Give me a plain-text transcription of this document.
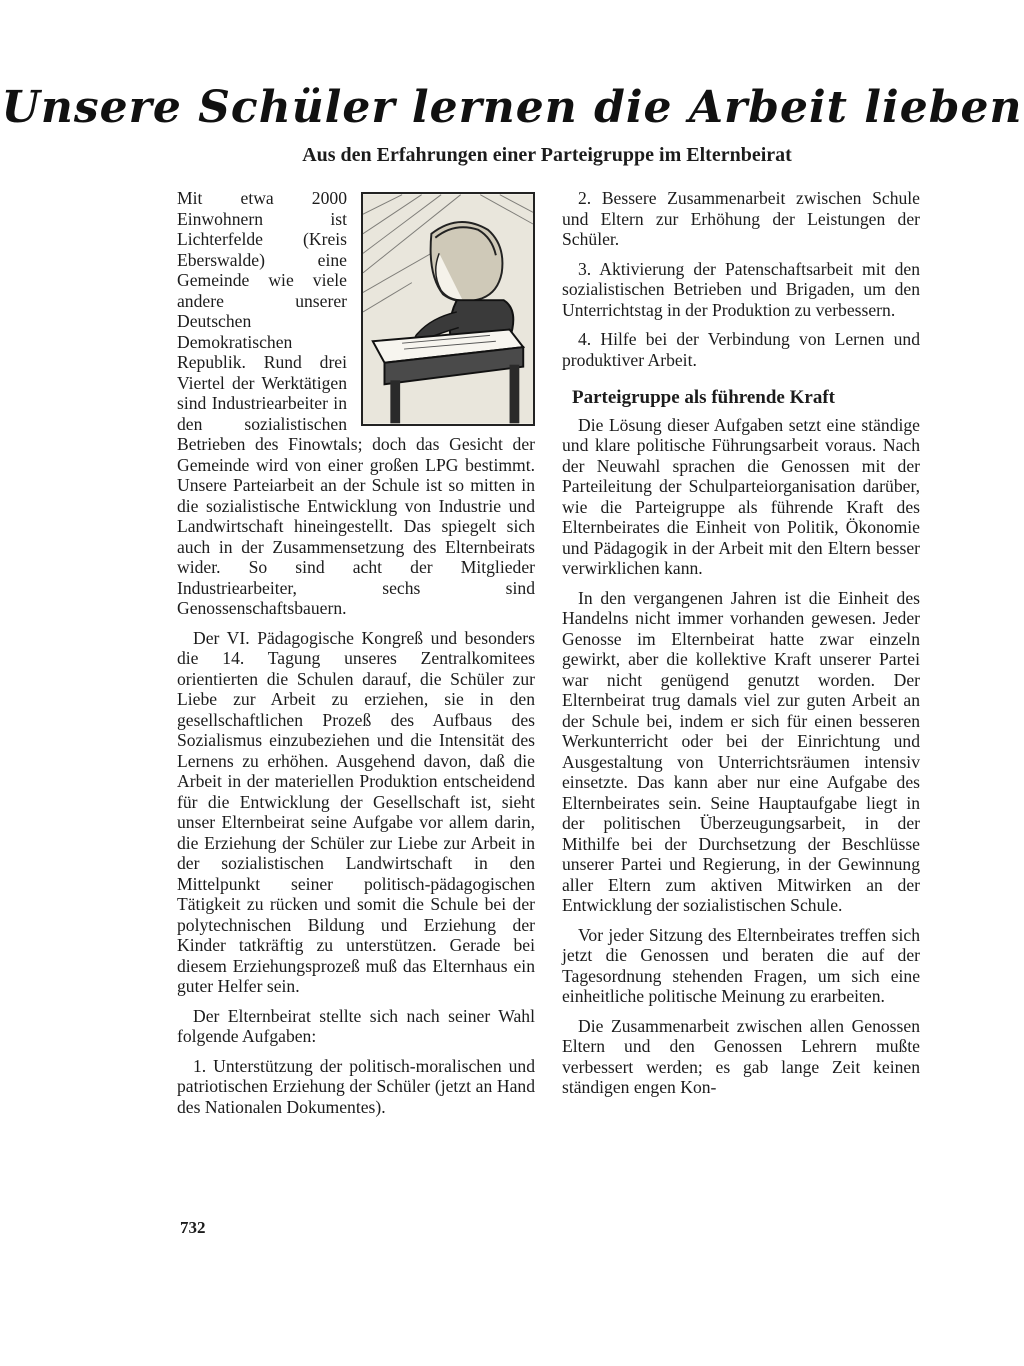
Unsere Schüler lernen die Arbeit lieben
Aus den Erfahrungen einer Parteigruppe im Elternbeirat

Mit etwa 2000 Einwohnern ist Lichterfelde (Kreis Eberswalde) eine Gemeinde wie viele andere unserer Deutschen Demokratischen Republik. Rund drei Viertel der Werktätigen sind Industriearbeiter in den sozialistischen Betrieben des Finowtals; doch das Gesicht der Gemeinde wird von einer großen LPG bestimmt. Unsere Parteiarbeit an der Schule ist so mitten in die sozialistische Entwicklung von Industrie und Landwirtschaft hineingestellt. Das spiegelt sich auch in der Zusammensetzung des Elternbeirats wider. So sind acht der Mitglieder Industriearbeiter, sechs sind Genossenschaftsbauern.

Der VI. Pädagogische Kongreß und besonders die 14. Tagung unseres Zentralkomitees orientierten die Schulen darauf, die Schüler zur Liebe zur Arbeit zu erziehen, sie in den gesellschaftlichen Prozeß des Aufbaus des Sozialismus einzubeziehen und die Intensität des Lernens zu erhöhen. Ausgehend davon, daß die Arbeit in der materiellen Produktion entscheidend für die Entwicklung der Gesellschaft ist, sieht unser Elternbeirat seine Aufgabe vor allem darin, die Erziehung der Schüler zur Liebe zur Arbeit in der sozialistischen Landwirtschaft in den Mittelpunkt seiner politisch-pädagogischen Tätigkeit zu rücken und somit die Schule bei der polytechnischen Bildung und Erziehung der Kinder tatkräftig zu unterstützen. Gerade bei diesem Erziehungsprozeß muß das Elternhaus ein guter Helfer sein.

Der Elternbeirat stellte sich nach seiner Wahl folgende Aufgaben:

1. Unterstützung der politisch-moralischen und patriotischen Erziehung der Schüler (jetzt an Hand des Nationalen Dokumentes).

2. Bessere Zusammenarbeit zwischen Schule und Eltern zur Erhöhung der Leistungen der Schüler.

3. Aktivierung der Patenschaftsarbeit mit den sozialistischen Betrieben und Brigaden, um den Unterrichtstag in der Produktion zu verbessern.

4. Hilfe bei der Verbindung von Lernen und produktiver Arbeit.

Parteigruppe als führende Kraft

Die Lösung dieser Aufgaben setzt eine ständige und klare politische Führungsarbeit voraus. Nach der Neuwahl sprachen die Genossen mit der Parteileitung der Schulparteiorganisation darüber, wie die Parteigruppe als führende Kraft des Elternbeirates die Einheit von Politik, Ökonomie und Pädagogik in der Arbeit mit den Eltern besser verwirklichen kann.

In den vergangenen Jahren ist die Einheit des Handelns nicht immer vorhanden gewesen. Jeder Genosse im Elternbeirat hatte zwar einzeln gewirkt, aber die kollektive Kraft unserer Partei war nicht genügend genutzt worden. Der Elternbeirat trug damals viel zur guten Arbeit an der Schule bei, indem er sich für einen besseren Werkunterricht oder bei der Einrichtung und Ausgestaltung von Unterrichtsräumen intensiv einsetzte. Das kann aber nur eine Aufgabe des Elternbeirates sein. Seine Hauptaufgabe liegt in der politischen Überzeugungsarbeit, in der Mithilfe bei der Durchsetzung der Beschlüsse unserer Partei und Regierung, in der Gewinnung aller Eltern zum aktiven Mitwirken an der Entwicklung der sozialistischen Schule.

Vor jeder Sitzung des Elternbeirates treffen sich jetzt die Genossen und beraten die auf der Tagesordnung stehenden Fragen, um sich eine einheitliche politische Meinung zu erarbeiten.

Die Zusammenarbeit zwischen allen Genossen Eltern und den Genossen Lehrern mußte verbessert werden; es gab lange Zeit keinen ständigen engen Kon-

732
